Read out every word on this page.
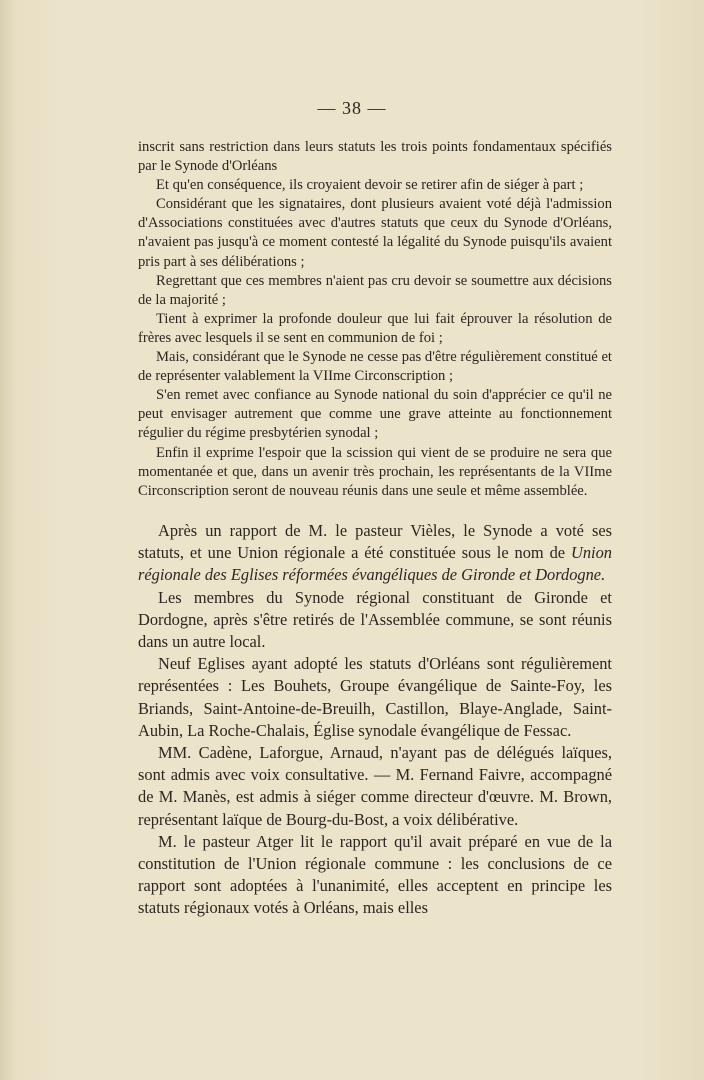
— 38 —

inscrit sans restriction dans leurs statuts les trois points fondamentaux spécifiés par le Synode d'Orléans

Et qu'en conséquence, ils croyaient devoir se retirer afin de siéger à part ;

Considérant que les signataires, dont plusieurs avaient voté déjà l'admission d'Associations constituées avec d'autres statuts que ceux du Synode d'Orléans, n'avaient pas jusqu'à ce moment contesté la légalité du Synode puisqu'ils avaient pris part à ses délibérations ;

Regrettant que ces membres n'aient pas cru devoir se soumettre aux décisions de la majorité ;

Tient à exprimer la profonde douleur que lui fait éprouver la résolution de frères avec lesquels il se sent en communion de foi ;

Mais, considérant que le Synode ne cesse pas d'être régulièrement constitué et de représenter valablement la VIIme Circonscription ;

S'en remet avec confiance au Synode national du soin d'apprécier ce qu'il ne peut envisager autrement que comme une grave atteinte au fonctionnement régulier du régime presbytérien synodal ;

Enfin il exprime l'espoir que la scission qui vient de se produire ne sera que momentanée et que, dans un avenir très prochain, les représentants de la VIIme Circonscription seront de nouveau réunis dans une seule et même assemblée.

Après un rapport de M. le pasteur Vièles, le Synode a voté ses statuts, et une Union régionale a été constituée sous le nom de Union régionale des Eglises réformées évangéliques de Gironde et Dordogne.

Les membres du Synode régional constituant de Gironde et Dordogne, après s'être retirés de l'Assemblée commune, se sont réunis dans un autre local.

Neuf Eglises ayant adopté les statuts d'Orléans sont régulièrement représentées : Les Bouhets, Groupe évangélique de Sainte-Foy, les Briands, Saint-Antoine-de-Breuilh, Castillon, Blaye-Anglade, Saint-Aubin, La Roche-Chalais, Église synodale évangélique de Fessac.

MM. Cadène, Laforgue, Arnaud, n'ayant pas de délégués laïques, sont admis avec voix consultative. — M. Fernand Faivre, accompagné de M. Manès, est admis à siéger comme directeur d'œuvre. M. Brown, représentant laïque de Bourg-du-Bost, a voix délibérative.

M. le pasteur Atger lit le rapport qu'il avait préparé en vue de la constitution de l'Union régionale commune : les conclusions de ce rapport sont adoptées à l'unanimité, elles acceptent en principe les statuts régionaux votés à Orléans, mais elles
